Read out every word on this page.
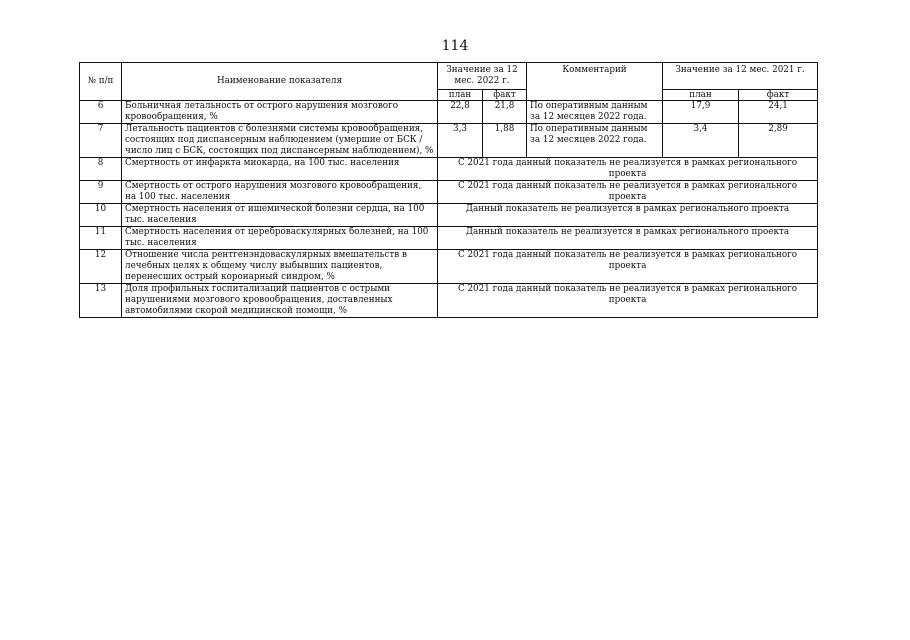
114
№ п/п	Наименование показателя	Значение за 12 мес. 2022 г.		Комментарий	Значение за 12 мес. 2021 г.	
		план	факт		план	факт
6	Больничная летальность от острого нарушения мозгового кровообращения, %	22,8	21,8	По оперативным данным за 12 месяцев 2022 года.	17,9	24,1
7	Летальность пациентов с болезнями системы кровообращения, состоящих под диспансерным наблюдением (умершие от БСК / число лиц с БСК, состоящих под диспансерным наблюдением), %	3,3	1,88	По оперативным данным за 12 месяцев 2022 года.	3,4	2,89
8	Смертность от инфаркта миокарда, на 100 тыс. населения	С 2021 года данный показатель не реализуется в рамках регионального проекта				
9	Смертность от острого нарушения мозгового кровообращения, на 100 тыс. населения	С 2021 года данный показатель не реализуется в рамках регионального проекта				
10	Смертность населения от ишемической болезни сердца, на 100 тыс. населения	Данный показатель не реализуется в рамках регионального проекта				
11	Смертность населения от цереброваскулярных болезней, на 100 тыс. населения	Данный показатель не реализуется в рамках регионального проекта				
12	Отношение числа рентгенэндоваскулярных вмешательств в лечебных целях к общему числу выбывших пациентов, перенесших острый коронарный синдром, %	С 2021 года данный показатель не реализуется в рамках регионального проекта				
13	Доля профильных госпитализаций пациентов с острыми нарушениями мозгового кровообращения, доставленных автомобилями скорой медицинской помощи, %	С 2021 года данный показатель не реализуется в рамках регионального проекта				
